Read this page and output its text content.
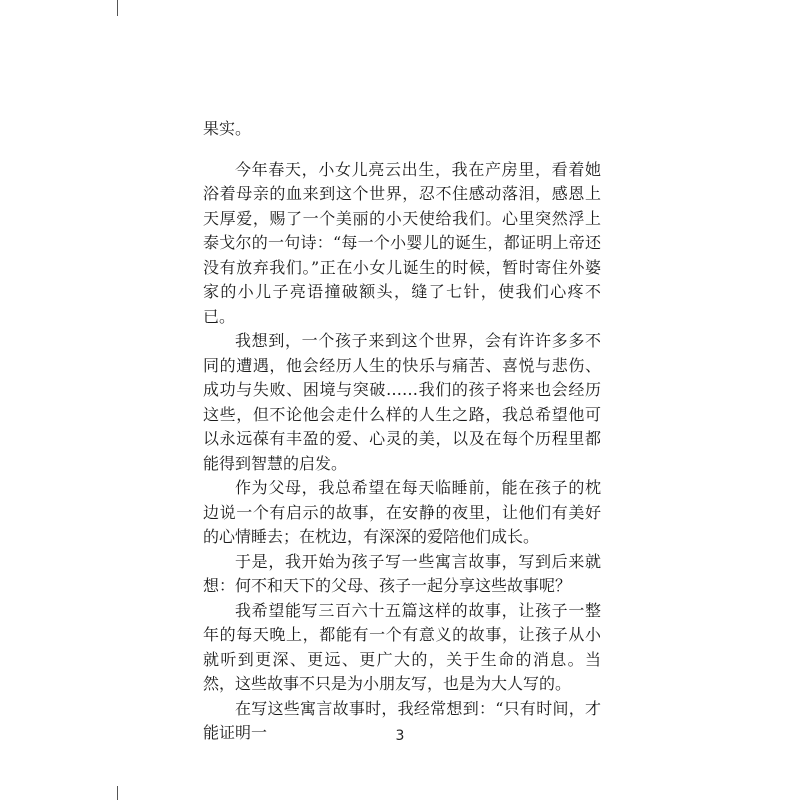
果实。

今年春天，小女儿亮云出生，我在产房里，看着她浴着母亲的血来到这个世界，忍不住感动落泪，感恩上天厚爱，赐了一个美丽的小天使给我们。心里突然浮上泰戈尔的一句诗：“每一个小婴儿的诞生，都证明上帝还没有放弃我们。”正在小女儿诞生的时候，暂时寄住外婆家的小儿子亮语撞破额头，缝了七针，使我们心疼不已。

我想到，一个孩子来到这个世界，会有许许多多不同的遭遇，他会经历人生的快乐与痛苦、喜悦与悲伤、成功与失败、困境与突破……我们的孩子将来也会经历这些，但不论他会走什么样的人生之路，我总希望他可以永远葆有丰盈的爱、心灵的美，以及在每个历程里都能得到智慧的启发。

作为父母，我总希望在每天临睡前，能在孩子的枕边说一个有启示的故事，在安静的夜里，让他们有美好的心情睡去；在枕边，有深深的爱陪他们成长。

于是，我开始为孩子写一些寓言故事，写到后来就想：何不和天下的父母、孩子一起分享这些故事呢？

我希望能写三百六十五篇这样的故事，让孩子一整年的每天晚上，都能有一个有意义的故事，让孩子从小就听到更深、更远、更广大的，关于生命的消息。当然，这些故事不只是为小朋友写，也是为大人写的。

在写这些寓言故事时，我经常想到：“只有时间，才能证明一	3
